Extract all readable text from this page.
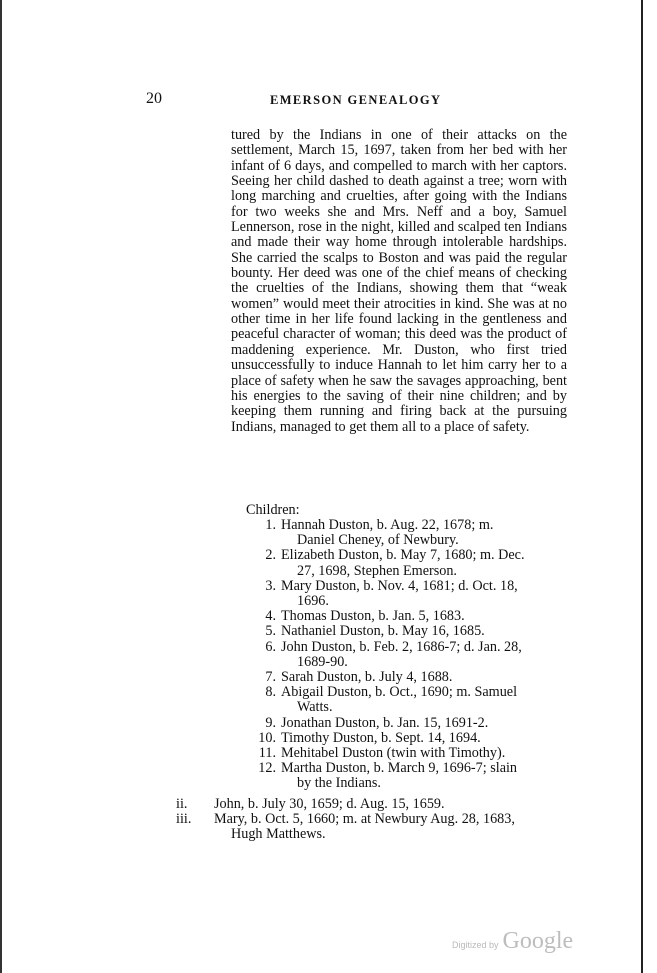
20	EMERSON GENEALOGY

tured by the Indians in one of their attacks on the settlement, March 15, 1697, taken from her bed with her infant of 6 days, and compelled to march with her captors. Seeing her child dashed to death against a tree; worn with long marching and cruelties, after going with the Indians for two weeks she and Mrs. Neff and a boy, Samuel Lennerson, rose in the night, killed and scalped ten Indians and made their way home through intolerable hardships. She carried the scalps to Boston and was paid the regular bounty. Her deed was one of the chief means of checking the cruelties of the Indians, showing them that “weak women” would meet their atrocities in kind. She was at no other time in her life found lacking in the gentleness and peaceful character of woman; this deed was the product of maddening experience. Mr. Duston, who first tried unsuccessfully to induce Hannah to let him carry her to a place of safety when he saw the savages approaching, bent his energies to the saving of their nine children; and by keeping them running and firing back at the pursuing Indians, managed to get them all to a place of safety.

Children:
1. Hannah Duston, b. Aug. 22, 1678; m.
Daniel Cheney, of Newbury.
2. Elizabeth Duston, b. May 7, 1680; m. Dec.
27, 1698, Stephen Emerson.
3. Mary Duston, b. Nov. 4, 1681; d. Oct. 18,
1696.
4. Thomas Duston, b. Jan. 5, 1683.
5. Nathaniel Duston, b. May 16, 1685.
6. John Duston, b. Feb. 2, 1686-7; d. Jan. 28,
1689-90.
7. Sarah Duston, b. July 4, 1688.
8. Abigail Duston, b. Oct., 1690; m. Samuel
Watts.
9. Jonathan Duston, b. Jan. 15, 1691-2.
10. Timothy Duston, b. Sept. 14, 1694.
11. Mehitabel Duston (twin with Timothy).
12. Martha Duston, b. March 9, 1696-7; slain
by the Indians.
ii. John, b. July 30, 1659; d. Aug. 15, 1659.
iii. Mary, b. Oct. 5, 1660; m. at Newbury Aug. 28, 1683,
Hugh Matthews.
Digitized by Google
